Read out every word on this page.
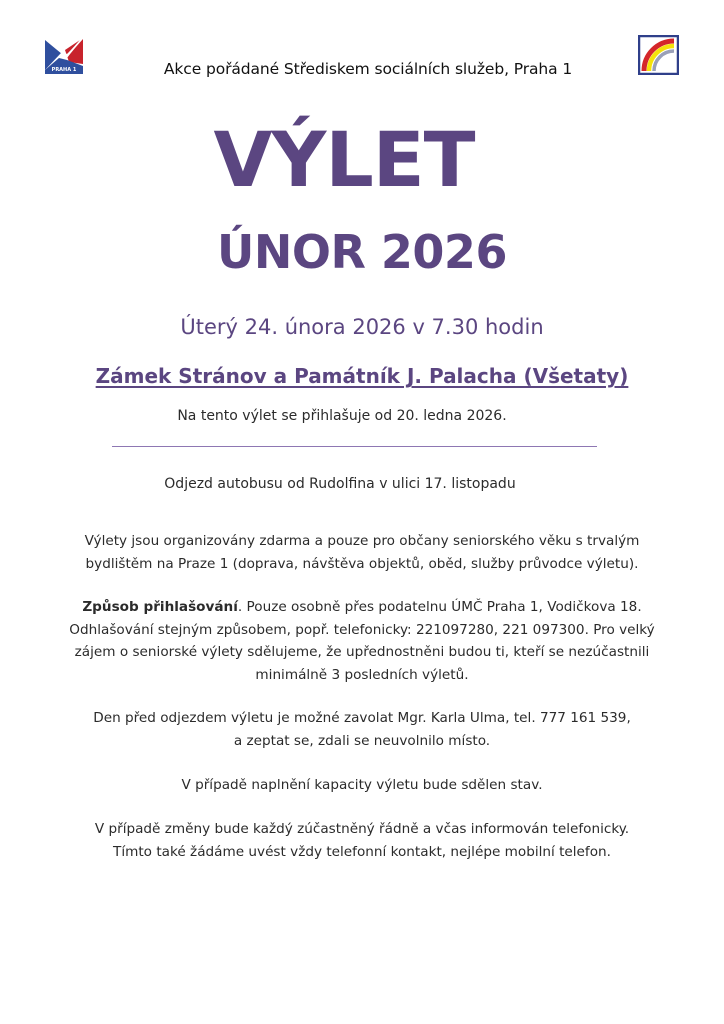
PRAHA 1	Akce pořádané Střediskem sociálních služeb, Praha 1
VÝLET
ÚNOR 2026
Úterý 24. února 2026 v 7.30 hodin
Zámek Stránov a Památník J. Palacha (Všetaty)
Na tento výlet se přihlašuje od 20. ledna 2026.
Odjezd autobusu od Rudolfina v ulici 17. listopadu
Výlety jsou organizovány zdarma a pouze pro občany seniorského věku s trvalým
bydlištěm na Praze 1 (doprava, návštěva objektů, oběd, služby průvodce výletu).
Způsob přihlašování. Pouze osobně přes podatelnu ÚMČ Praha 1, Vodičkova 18.
Odhlašování stejným způsobem, popř. telefonicky: 221097280, 221 097300. Pro velký
zájem o seniorské výlety sdělujeme, že upřednostněni budou ti, kteří se nezúčastnili
minimálně 3 posledních výletů.
Den před odjezdem výletu je možné zavolat Mgr. Karla Ulma, tel. 777 161 539,
a zeptat se, zdali se neuvolnilo místo.
V případě naplnění kapacity výletu bude sdělen stav.
V případě změny bude každý zúčastněný řádně a včas informován telefonicky.
Tímto také žádáme uvést vždy telefonní kontakt, nejlépe mobilní telefon.
